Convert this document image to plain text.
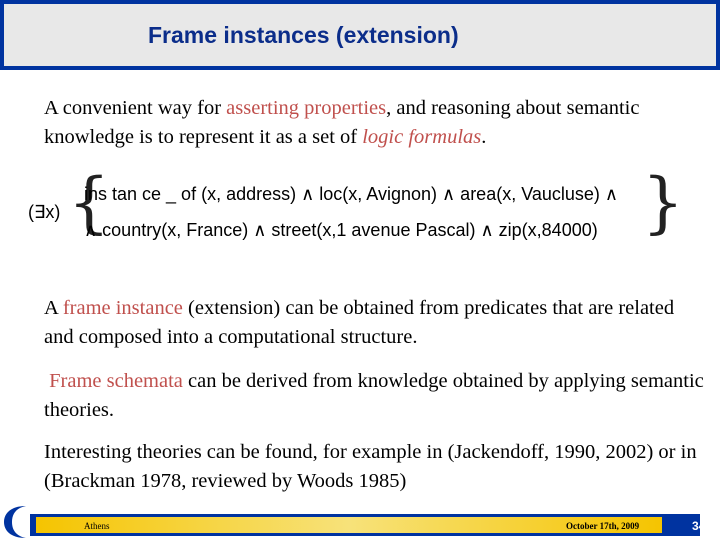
Frame instances (extension)
A convenient way for asserting properties, and reasoning about semantic knowledge is to represent it as a set of logic formulas.
(∃x) {
ins tan ce _ of (x, address) ∧ loc(x, Avignon) ∧ area(x, Vaucluse) ∧
∧ country(x, France) ∧ street(x,1 avenue Pascal) ∧ zip(x,84000) }
A frame instance (extension) can be obtained from predicates that are related and composed into a computational structure.
Frame schemata can be derived from knowledge obtained by applying semantic theories.
Interesting theories can be found, for example in (Jackendoff, 1990, 2002) or in (Brackman 1978, reviewed by Woods 1985)
Athens	October 17th, 2009	34
